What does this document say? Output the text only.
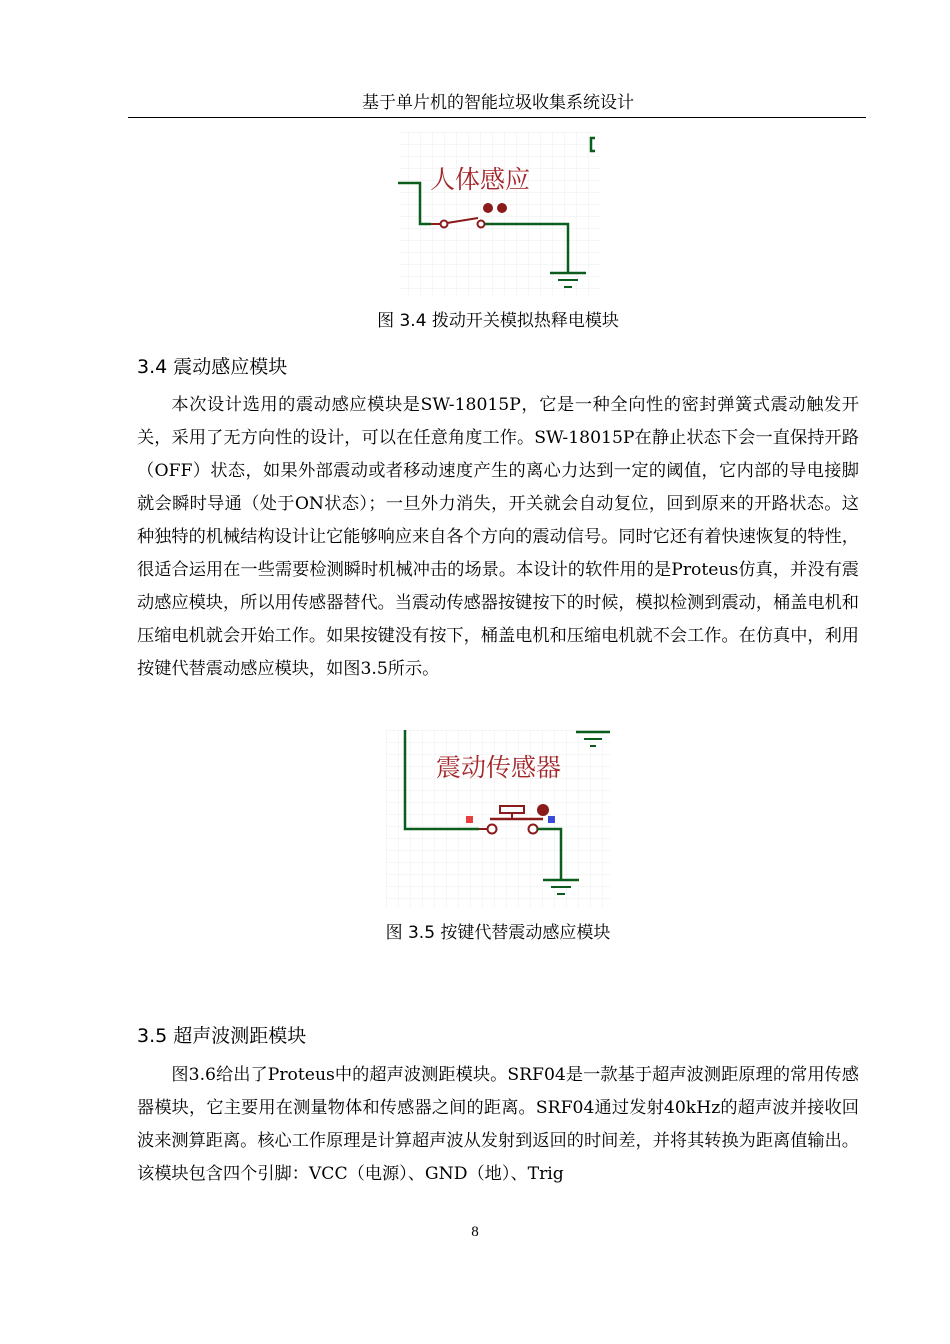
基于单片机的智能垃圾收集系统设计
人体感应
图 3.4 拨动开关模拟热释电模块
3.4 震动感应模块

本次设计选用的震动感应模块是SW-18015P，它是一种全向性的密封弹簧式震动触发开关，采用了无方向性的设计，可以在任意角度工作。SW-18015P在静止状态下会一直保持开路（OFF）状态，如果外部震动或者移动速度产生的离心力达到一定的阈值，它内部的导电接脚就会瞬时导通（处于ON状态）；一旦外力消失，开关就会自动复位，回到原来的开路状态。这种独特的机械结构设计让它能够响应来自各个方向的震动信号。同时它还有着快速恢复的特性，很适合运用在一些需要检测瞬时机械冲击的场景。本设计的软件用的是Proteus仿真，并没有震动感应模块，所以用传感器替代。当震动传感器按键按下的时候，模拟检测到震动，桶盖电机和压缩电机就会开始工作。如果按键没有按下，桶盖电机和压缩电机就不会工作。在仿真中，利用按键代替震动感应模块，如图3.5所示。

震动传感器
图 3.5 按键代替震动感应模块
3.5 超声波测距模块

图3.6给出了Proteus中的超声波测距模块。SRF04是一款基于超声波测距原理的常用传感器模块，它主要用在测量物体和传感器之间的距离。SRF04通过发射40kHz的超声波并接收回波来测算距离。核心工作原理是计算超声波从发射到返回的时间差，并将其转换为距离值输出。该模块包含四个引脚：VCC（电源）、GND（地）、Trig

8
